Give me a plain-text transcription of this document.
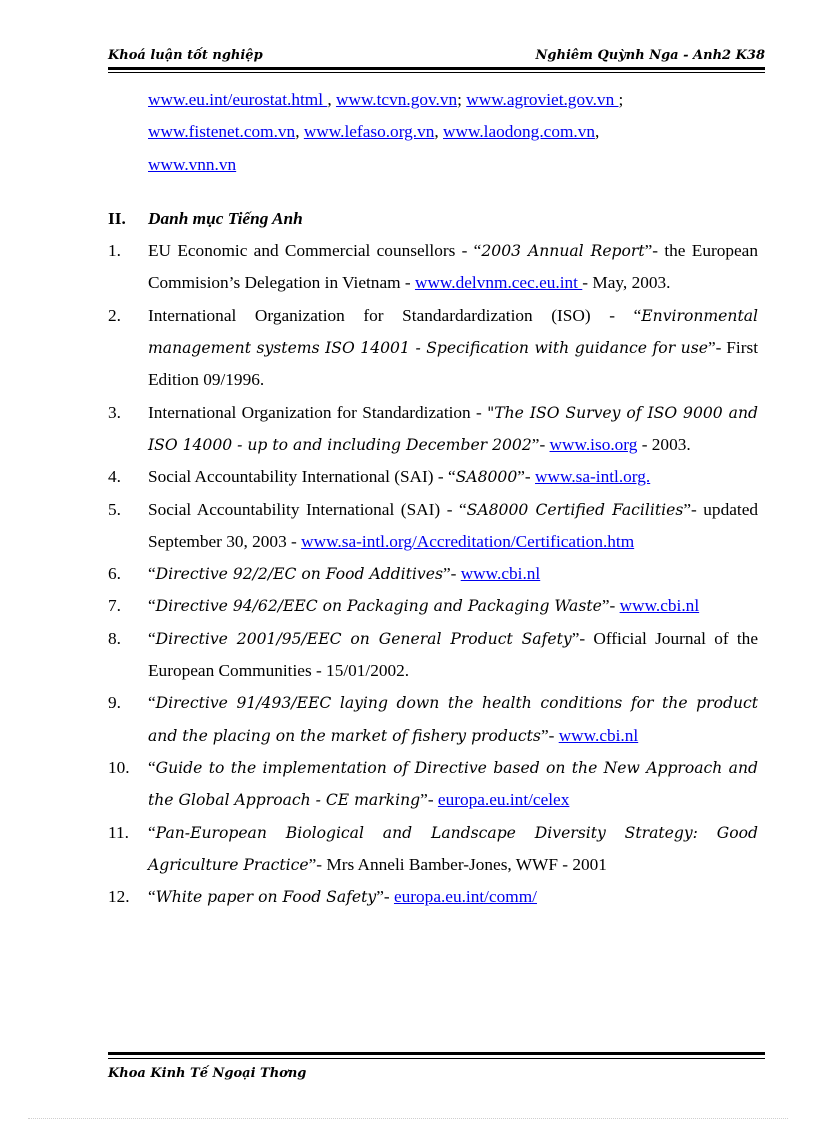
Khoá luận tốt nghiệp	Nghiêm Quỳnh Nga - Anh2 K38
www.eu.int/eurostat.html , www.tcvn.gov.vn; www.agroviet.gov.vn ;
www.fistenet.com.vn, www.lefaso.org.vn, www.laodong.com.vn,
www.vnn.vn
II.	Danh mục Tiếng Anh
1.	EU Economic and Commercial counsellors - “2003 Annual Report”- the European Commision’s Delegation in Vietnam - www.delvnm.cec.eu.int - May, 2003.
2.	International Organization for Standardardization (ISO) - “Environmental management systems ISO 14001 - Specification with guidance for use”- First Edition 09/1996.
3.	International Organization for Standardization - "The ISO Survey of ISO 9000 and ISO 14000 - up to and including December 2002”- www.iso.org - 2003.
4.	Social Accountability International (SAI) - “SA8000”- www.sa-intl.org.
5.	Social Accountability International (SAI) - “SA8000 Certified Facilities”- updated September 30, 2003 - www.sa-intl.org/Accreditation/Certification.htm
6.	“Directive 92/2/EC on Food Additives”- www.cbi.nl
7.	“Directive 94/62/EEC on Packaging and Packaging Waste”- www.cbi.nl
8.	“Directive 2001/95/EEC on General Product Safety”- Official Journal of the European Communities - 15/01/2002.
9.	“Directive 91/493/EEC laying down the health conditions for the product and the placing on the market of fishery products”- www.cbi.nl
10.	“Guide to the implementation of Directive based on the New Approach and the Global Approach - CE marking”- europa.eu.int/celex
11.	“Pan-European Biological and Landscape Diversity Strategy: Good Agriculture Practice”- Mrs Anneli Bamber-Jones, WWF - 2001
12.	“White paper on Food Safety”- europa.eu.int/comm/
Khoa Kinh Tế Ngoại Thơng
